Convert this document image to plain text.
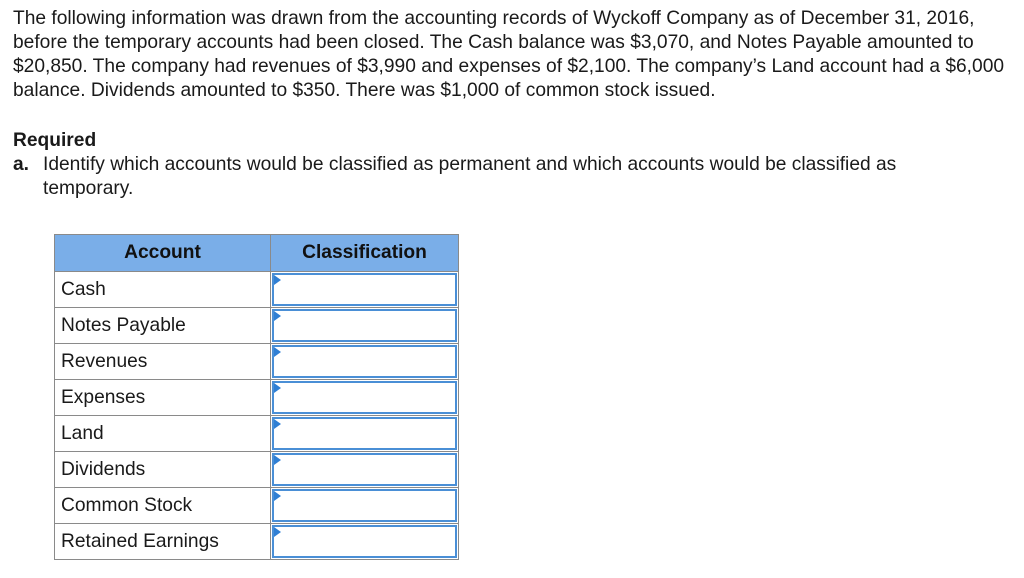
The following information was drawn from the accounting records of Wyckoff Company as of December 31, 2016, before the temporary accounts had been closed. The Cash balance was $3,070, and Notes Payable amounted to $20,850. The company had revenues of $3,990 and expenses of $2,100. The company’s Land account had a $6,000 balance. Dividends amounted to $350. There was $1,000 of common stock issued.

Required

a. Identify which accounts would be classified as permanent and which accounts would be classified as temporary.

Account	Classification
Cash	

Notes Payable	

Revenues	

Expenses	

Land	

Dividends	

Common Stock	

Retained Earnings	
